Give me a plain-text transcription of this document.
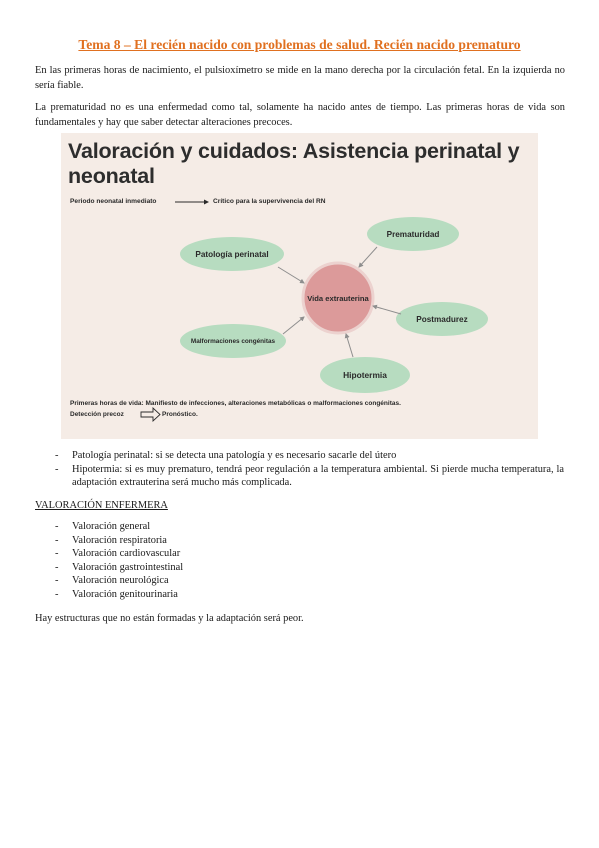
Tema 8 – El recién nacido con problemas de salud. Recién nacido prematuro

En las primeras horas de nacimiento, el pulsioxímetro se mide en la mano derecha por la circulación fetal. En la izquierda no sería fiable.

La prematuridad no es una enfermedad como tal, solamente ha nacido antes de tiempo. Las primeras horas de vida son fundamentales y hay que saber detectar alteraciones precoces.

Valoración y cuidados: Asistencia perinatal y neonatal
Periodo neonatal inmediato	Crítico para la supervivencia del RN
Patología perinatal
Prematuridad
Vida extrauterina
Malformaciones congénitas
Postmadurez
Hipotermia
Primeras horas de vida: Manifiesto de infecciones, alteraciones metabólicas o malformaciones congénitas.
Detección precoz	Pronóstico.
- Patología perinatal: si se detecta una patología y es necesario sacarle del útero
- Hipotermia: si es muy prematuro, tendrá peor regulación a la temperatura ambiental. Si pierde mucha temperatura, la adaptación extrauterina será mucho más complicada.
VALORACIÓN ENFERMERA
- Valoración general
- Valoración respiratoria
- Valoración cardiovascular
- Valoración gastrointestinal
- Valoración neurológica
- Valoración genitourinaria

Hay estructuras que no están formadas y la adaptación será peor.
